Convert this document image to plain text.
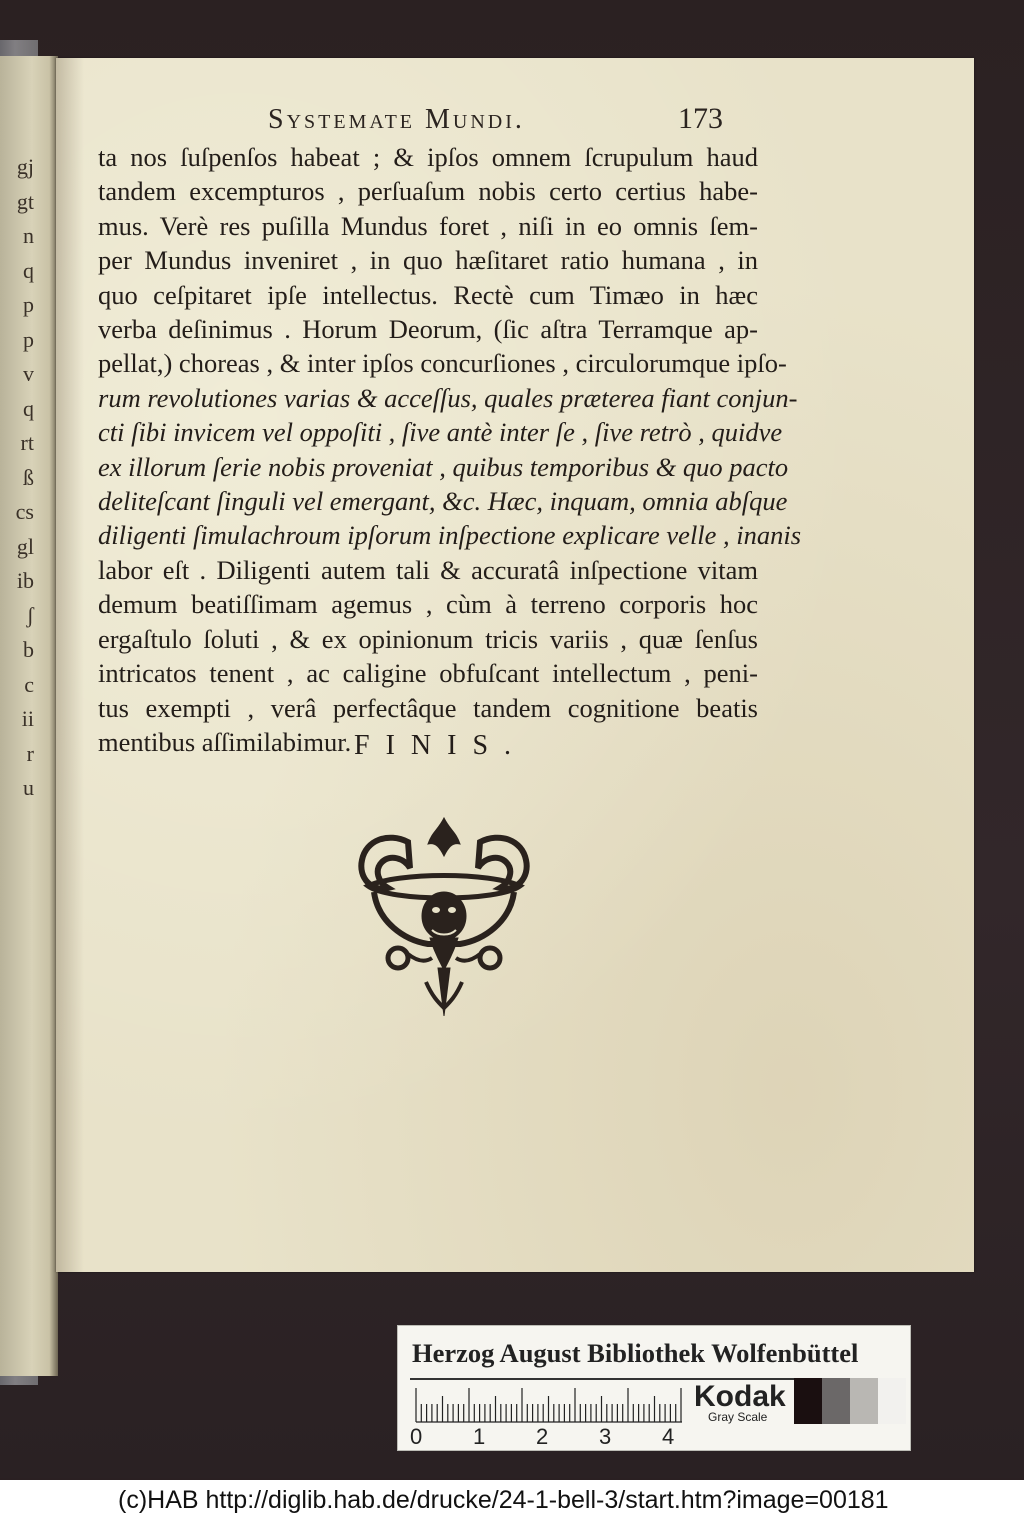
gj
gt
n
q
p
p
v
q
rt
ß
cs
gl
ib
ʃ
b
c
ii
r
u
Systemate Mundi.	173
ta nos ſuſpenſos habeat ; & ipſos omnem ſcrupulum haud
tandem excempturos , perſuaſum nobis certo certius habe-
mus. Verè res puſilla Mundus foret , niſi in eo omnis ſem-
per Mundus inveniret , in quo hæſitaret ratio humana , in
quo ceſpitaret ipſe intellectus. Rectè cum Timæo in hæc
verba deſinimus . Horum Deorum, (ſic aſtra Terramque ap-
pellat,) choreas , & inter ipſos concurſiones , circulorumque ipſo-
rum revolutiones varias & acceſſus, quales præterea fiant conjun-
cti ſibi invicem vel oppoſiti , ſive antè inter ſe , ſive retrò , quidve
ex illorum ſerie nobis proveniat , quibus temporibus & quo pacto
deliteſcant ſinguli vel emergant, &c. Hæc, inquam, omnia abſque
diligenti ſimulachroum ipſorum inſpectione explicare velle , inanis
labor eſt . Diligenti autem tali & accuratâ inſpectione vitam
demum beatiſſimam agemus , cùm à terreno corporis hoc
ergaſtulo ſoluti , & ex opinionum tricis variis , quæ ſenſus
intricatos tenent , ac caligine obfuſcant intellectum , peni-
tus exempti , verâ perfectâque tandem cognitione beatis
mentibus aſſimilabimur. FINIS.
Herzog August Bibliothek Wolfenbüttel
0 1 2 3 4
Kodak
Gray Scale
(c)HAB http://diglib.hab.de/drucke/24-1-bell-3/start.htm?image=00181
